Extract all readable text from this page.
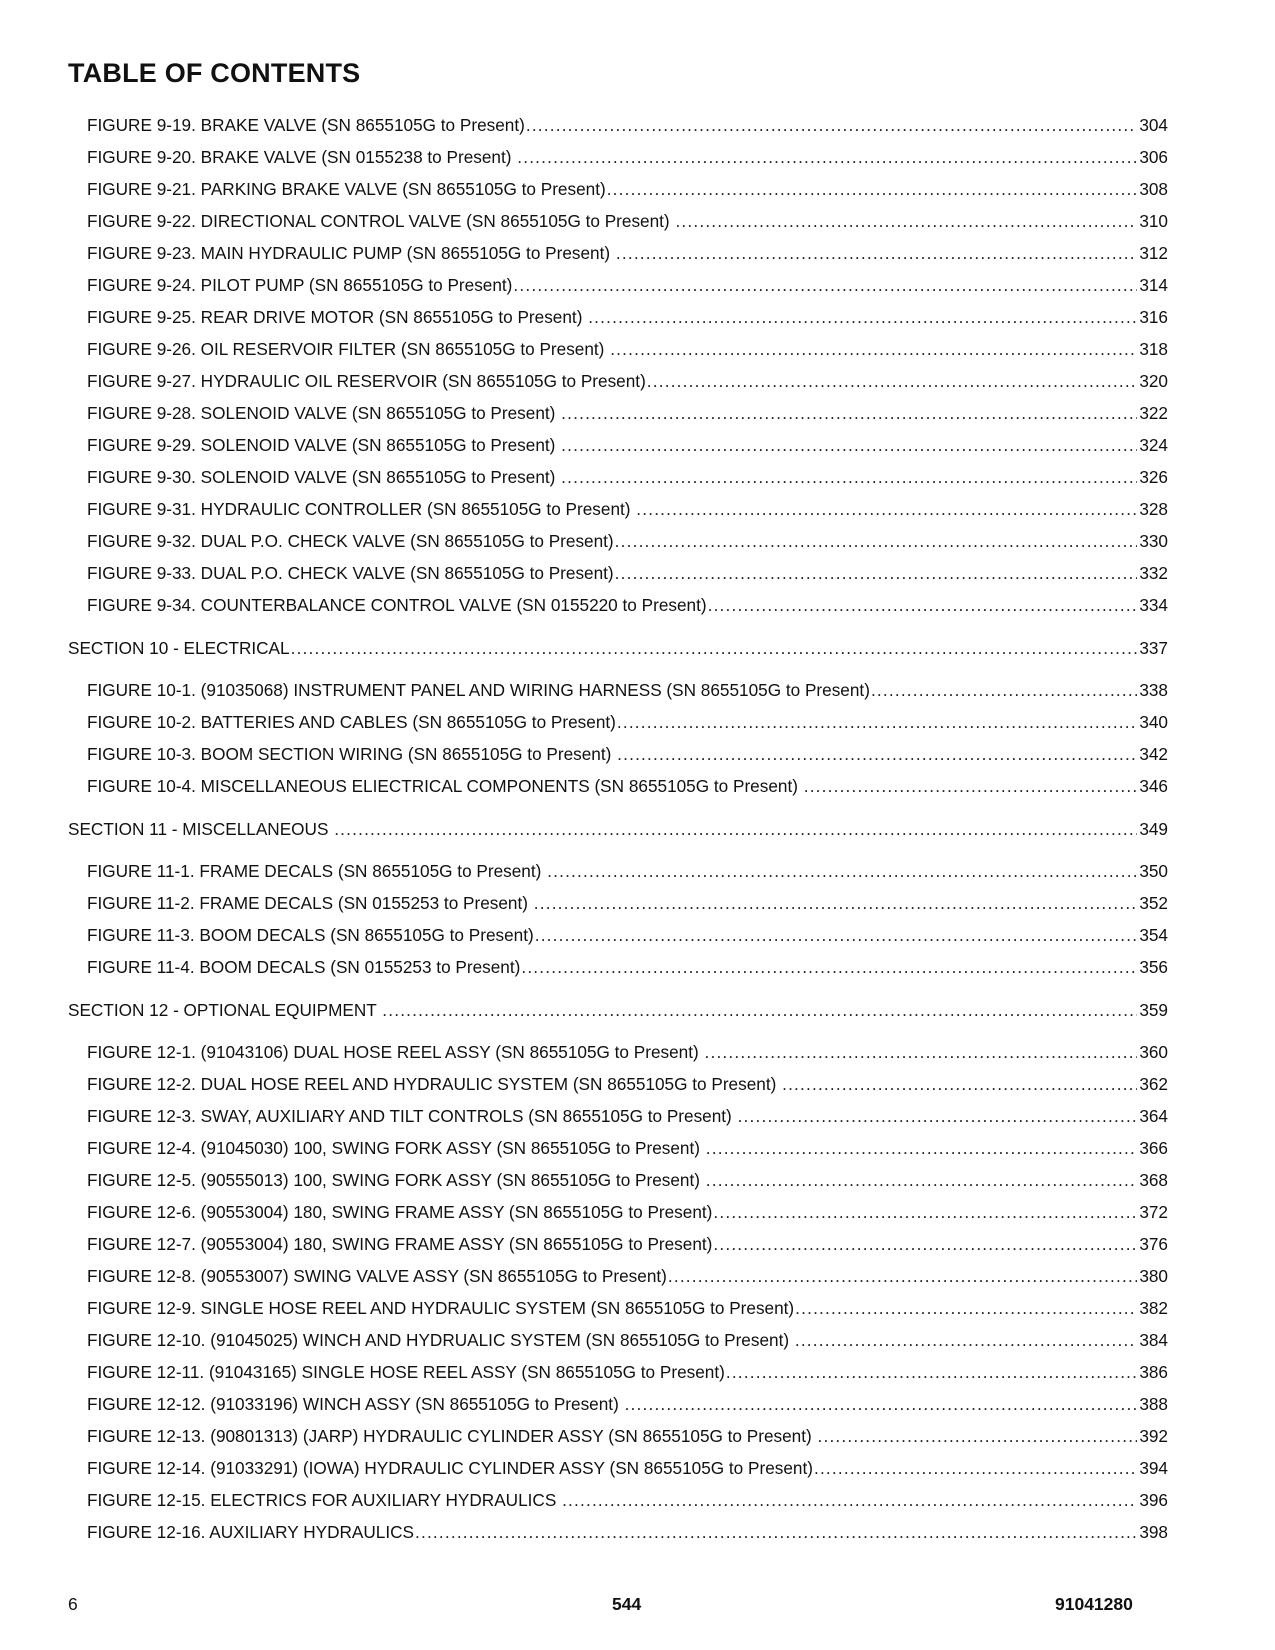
TABLE OF CONTENTS
FIGURE 9-19. BRAKE VALVE (SN 8655105G to Present) .....	304
FIGURE 9-20. BRAKE VALVE (SN 0155238 to Present) .....	306
FIGURE 9-21. PARKING BRAKE VALVE (SN 8655105G to Present) .....	308
FIGURE 9-22. DIRECTIONAL CONTROL VALVE (SN 8655105G to Present) .....	310
FIGURE 9-23. MAIN HYDRAULIC PUMP (SN 8655105G to Present) .....	312
FIGURE 9-24. PILOT PUMP (SN 8655105G to Present) .....	314
FIGURE 9-25. REAR DRIVE MOTOR (SN 8655105G to Present) .....	316
FIGURE 9-26. OIL RESERVOIR FILTER (SN 8655105G to Present) .....	318
FIGURE 9-27. HYDRAULIC OIL RESERVOIR (SN 8655105G to Present) .....	320
FIGURE 9-28. SOLENOID VALVE (SN 8655105G to Present) .....	322
FIGURE 9-29. SOLENOID VALVE (SN 8655105G to Present) .....	324
FIGURE 9-30. SOLENOID VALVE (SN 8655105G to Present) .....	326
FIGURE 9-31. HYDRAULIC CONTROLLER (SN 8655105G to Present) .....	328
FIGURE 9-32. DUAL P.O. CHECK VALVE (SN 8655105G to Present) .....	330
FIGURE 9-33. DUAL P.O. CHECK VALVE (SN 8655105G to Present) .....	332
FIGURE 9-34. COUNTERBALANCE CONTROL VALVE (SN 0155220 to Present) .....	334
SECTION 10 - ELECTRICAL .....	337
FIGURE 10-1. (91035068) INSTRUMENT PANEL AND WIRING HARNESS (SN 8655105G to Present) .....	338
FIGURE 10-2. BATTERIES AND CABLES (SN 8655105G to Present) .....	340
FIGURE 10-3. BOOM SECTION WIRING (SN 8655105G to Present) .....	342
FIGURE 10-4. MISCELLANEOUS ELIECTRICAL COMPONENTS (SN 8655105G to Present) .....	346
SECTION 11 - MISCELLANEOUS .....	349
FIGURE 11-1. FRAME DECALS (SN 8655105G to Present) .....	350
FIGURE 11-2. FRAME DECALS (SN 0155253 to Present) .....	352
FIGURE 11-3. BOOM DECALS (SN 8655105G to Present) .....	354
FIGURE 11-4. BOOM DECALS (SN 0155253 to Present) .....	356
SECTION 12 - OPTIONAL EQUIPMENT .....	359
FIGURE 12-1. (91043106) DUAL HOSE REEL ASSY (SN 8655105G to Present) .....	360
FIGURE 12-2. DUAL HOSE REEL AND HYDRAULIC SYSTEM (SN 8655105G to Present) .....	362
FIGURE 12-3. SWAY, AUXILIARY AND TILT CONTROLS (SN 8655105G to Present) .....	364
FIGURE 12-4. (91045030) 100, SWING FORK ASSY (SN 8655105G to Present) .....	366
FIGURE 12-5. (90555013) 100, SWING FORK ASSY (SN 8655105G to Present) .....	368
FIGURE 12-6. (90553004) 180, SWING FRAME ASSY (SN 8655105G to Present) .....	372
FIGURE 12-7. (90553004) 180, SWING FRAME ASSY (SN 8655105G to Present) .....	376
FIGURE 12-8. (90553007) SWING VALVE ASSY (SN 8655105G to Present) .....	380
FIGURE 12-9. SINGLE HOSE REEL AND HYDRAULIC SYSTEM (SN 8655105G to Present) .....	382
FIGURE 12-10. (91045025) WINCH AND HYDRUALIC SYSTEM (SN 8655105G to Present) .....	384
FIGURE 12-11. (91043165) SINGLE HOSE REEL ASSY (SN 8655105G to Present) .....	386
FIGURE 12-12. (91033196) WINCH ASSY (SN 8655105G to Present) .....	388
FIGURE 12-13. (90801313) (JARP) HYDRAULIC CYLINDER ASSY (SN 8655105G to Present) .....	392
FIGURE 12-14. (91033291) (IOWA) HYDRAULIC CYLINDER ASSY (SN 8655105G to Present) .....	394
FIGURE 12-15. ELECTRICS FOR AUXILIARY HYDRAULICS .....	396
FIGURE 12-16. AUXILIARY HYDRAULICS .....	398
6	544	91041280
